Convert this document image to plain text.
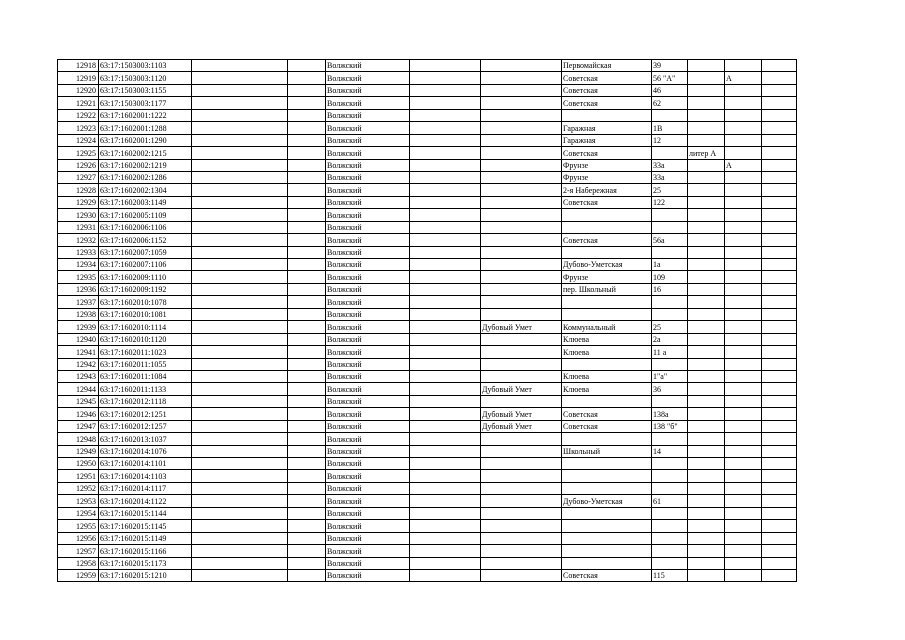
12918	63:17:1503003:1103			Волжский			Первомайская	39			
12919	63:17:1503003:1120			Волжский			Советская	56 "А"		А	
12920	63:17:1503003:1155			Волжский			Советская	46			
12921	63:17:1503003:1177			Волжский			Советская	62			
12922	63:17:1602001:1222			Волжский							
12923	63:17:1602001:1288			Волжский			Гаражная	1В			
12924	63:17:1602001:1290			Волжский			Гаражная	12			
12925	63:17:1602002:1215			Волжский			Советская		литер А		
12926	63:17:1602002:1219			Волжский			Фрунзе	33а		А	
12927	63:17:1602002:1286			Волжский			Фрунзе	33а			
12928	63:17:1602002:1304			Волжский			2-я Набережная	25			
12929	63:17:1602003:1149			Волжский			Советская	122			
12930	63:17:1602005:1109			Волжский							
12931	63:17:1602006:1106			Волжский							
12932	63:17:1602006:1152			Волжский			Советская	56а			
12933	63:17:1602007:1059			Волжский							
12934	63:17:1602007:1106			Волжский			Дубово-Уметская	1а			
12935	63:17:1602009:1110			Волжский			Фрунзе	109			
12936	63:17:1602009:1192			Волжский			пер. Школьный	16			
12937	63:17:1602010:1078			Волжский							
12938	63:17:1602010:1081			Волжский							
12939	63:17:1602010:1114			Волжский		Дубовый Умет	Коммунальный	25			
12940	63:17:1602010:1120			Волжский			Клюева	2а			
12941	63:17:1602011:1023			Волжский			Клюева	11 а			
12942	63:17:1602011:1055			Волжский							
12943	63:17:1602011:1084			Волжский			Клюева	1"а"			
12944	63:17:1602011:1133			Волжский		Дубовый Умет	Клюева	36			
12945	63:17:1602012:1118			Волжский							
12946	63:17:1602012:1251			Волжский		Дубовый Умет	Советская	138а			
12947	63:17:1602012:1257			Волжский		Дубовый Умет	Советская	138 "б"			
12948	63:17:1602013:1037			Волжский							
12949	63:17:1602014:1076			Волжский			Школьный	14			
12950	63:17:1602014:1101			Волжский							
12951	63:17:1602014:1103			Волжский							
12952	63:17:1602014:1117			Волжский							
12953	63:17:1602014:1122			Волжский			Дубово-Уметская	61			
12954	63:17:1602015:1144			Волжский							
12955	63:17:1602015:1145			Волжский							
12956	63:17:1602015:1149			Волжский							
12957	63:17:1602015:1166			Волжский							
12958	63:17:1602015:1173			Волжский							
12959	63:17:1602015:1210			Волжский			Советская	115			
